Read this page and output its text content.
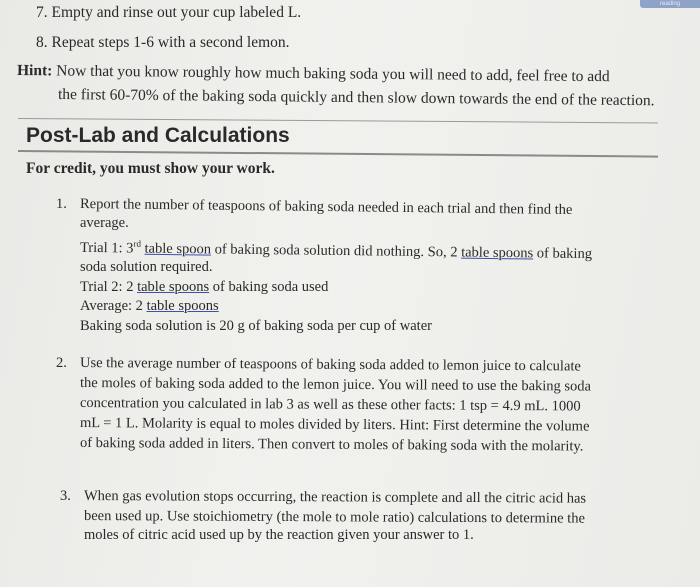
reading
7. Empty and rinse out your cup labeled L.
8. Repeat steps 1-6 with a second lemon.
Hint: Now that you know roughly how much baking soda you will need to add, feel free to add
the first 60-70% of the baking soda quickly and then slow down towards the end of the reaction.
Post-Lab and Calculations
For credit, you must show your work.
1. Report the number of teaspoons of baking soda needed in each trial and then find the
average.
Trial 1: 3rd table spoon of baking soda solution did nothing. So, 2 table spoons of baking
soda solution required.
Trial 2: 2 table spoons of baking soda used
Average: 2 table spoons
Baking soda solution is 20 g of baking soda per cup of water
2. Use the average number of teaspoons of baking soda added to lemon juice to calculate
the moles of baking soda added to the lemon juice. You will need to use the baking soda
concentration you calculated in lab 3 as well as these other facts: 1 tsp = 4.9 mL. 1000
mL = 1 L. Molarity is equal to moles divided by liters. Hint: First determine the volume
of baking soda added in liters. Then convert to moles of baking soda with the molarity.
3. When gas evolution stops occurring, the reaction is complete and all the citric acid has
been used up. Use stoichiometry (the mole to mole ratio) calculations to determine the
moles of citric acid used up by the reaction given your answer to 1.
